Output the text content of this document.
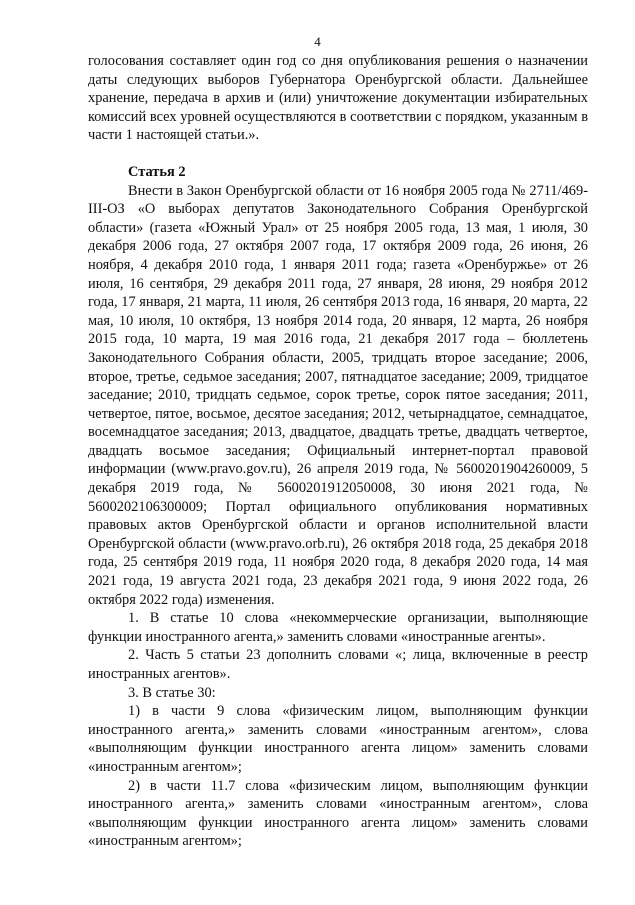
4

голосования составляет один год со дня опубликования решения о назначении даты следующих выборов Губернатора Оренбургской области. Дальнейшее хранение, передача в архив и (или) уничтожение документации избирательных комиссий всех уровней осуществляются в соответствии с порядком, указанным в части 1 настоящей статьи.».

Статья 2

Внести в Закон Оренбургской области от 16 ноября 2005 года № 2711/469-III-ОЗ «О выборах депутатов Законодательного Собрания Оренбургской области» (газета «Южный Урал» от 25 ноября 2005 года, 13 мая, 1 июля, 30 декабря 2006 года, 27 октября 2007 года, 17 октября 2009 года, 26 июня, 26 ноября, 4 декабря 2010 года, 1 января 2011 года; газета «Оренбуржье» от 26 июля, 16 сентября, 29 декабря 2011 года, 27 января, 28 июня, 29 ноября 2012 года, 17 января, 21 марта, 11 июля, 26 сентября 2013 года, 16 января, 20 марта, 22 мая, 10 июля, 10 октября, 13 ноября 2014 года, 20 января, 12 марта, 26 ноября 2015 года, 10 марта, 19 мая 2016 года, 21 декабря 2017 года – бюллетень Законодательного Собрания области, 2005, тридцать второе заседание; 2006, второе, третье, седьмое заседания; 2007, пятнадцатое заседание; 2009, тридцатое заседание; 2010, тридцать седьмое, сорок третье, сорок пятое заседания; 2011, четвертое, пятое, восьмое, десятое заседания; 2012, четырнадцатое, семнадцатое, восемнадцатое заседания; 2013, двадцатое, двадцать третье, двадцать четвертое, двадцать восьмое заседания; Официальный интернет-портал правовой информации (www.pravo.gov.ru), 26 апреля 2019 года, № 5600201904260009, 5 декабря 2019 года, № 5600201912050008, 30 июня 2021 года, № 5600202106300009; Портал официального опубликования нормативных правовых актов Оренбургской области и органов исполнительной власти Оренбургской области (www.pravo.orb.ru), 26 октября 2018 года, 25 декабря 2018 года, 25 сентября 2019 года, 11 ноября 2020 года, 8 декабря 2020 года, 14 мая 2021 года, 19 августа 2021 года, 23 декабря 2021 года, 9 июня 2022 года, 26 октября 2022 года) изменения.

1. В статье 10 слова «некоммерческие организации, выполняющие функции иностранного агента,» заменить словами «иностранные агенты».

2. Часть 5 статьи 23 дополнить словами «; лица, включенные в реестр иностранных агентов».

3. В статье 30:

1) в части 9 слова «физическим лицом, выполняющим функции иностранного агента,» заменить словами «иностранным агентом», слова «выполняющим функции иностранного агента лицом» заменить словами «иностранным агентом»;

2) в части 11.7 слова «физическим лицом, выполняющим функции иностранного агента,» заменить словами «иностранным агентом», слова «выполняющим функции иностранного агента лицом» заменить словами «иностранным агентом»;
